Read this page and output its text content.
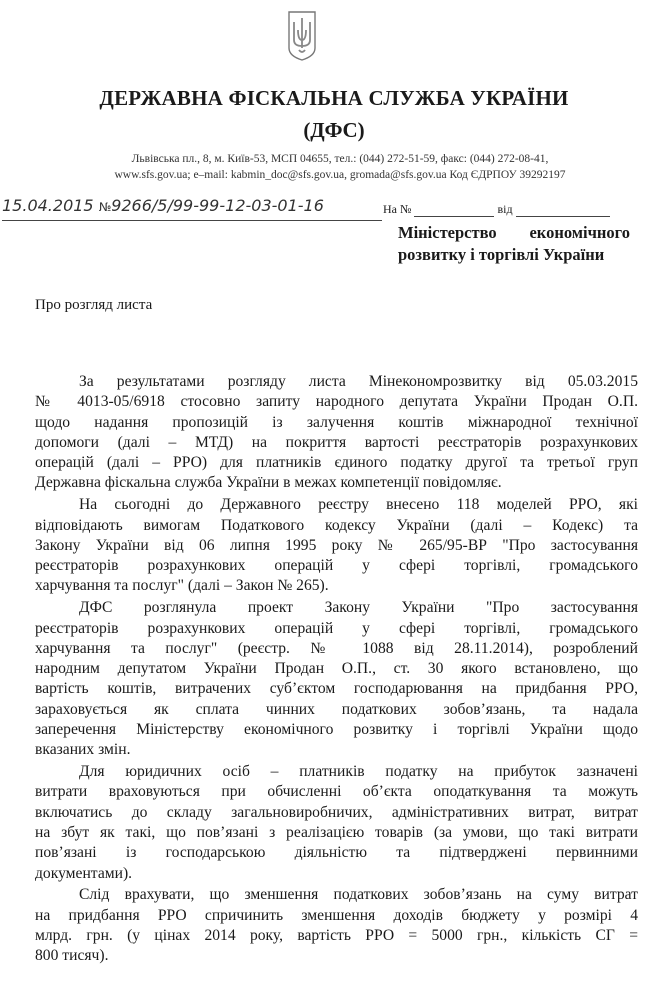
ДЕРЖАВНА ФІСКАЛЬНА СЛУЖБА УКРАЇНИ
(ДФС)
Львівська пл., 8, м. Київ-53, МСП 04655, тел.: (044) 272-51-59, факс: (044) 272-08-41,
www.sfs.gov.ua; e–mail: kabmin_doc@sfs.gov.ua, gromada@sfs.gov.ua Код ЄДРПОУ 39292197
15.04.2015 №9266/5/99-99-12-03-01-16	На №	від
Міністерство економічного
розвитку і торгівлі України
Про розгляд листа
За результатами розгляду листа Мінекономрозвитку від 05.03.2015
№ 4013-05/6918 стосовно запиту народного депутата України Продан О.П.
щодо надання пропозицій із залучення коштів міжнародної технічної
допомоги (далі – МТД) на покриття вартості реєстраторів розрахункових
операцій (далі – РРО) для платників єдиного податку другої та третьої груп
Державна фіскальна служба України в межах компетенції повідомляє.
На сьогодні до Державного реєстру внесено 118 моделей РРО, які
відповідають вимогам Податкового кодексу України (далі – Кодекс) та
Закону України від 06 липня 1995 року № 265/95-ВР "Про застосування
реєстраторів розрахункових операцій у сфері торгівлі, громадського
харчування та послуг" (далі – Закон № 265).
ДФС розглянула проект Закону України "Про застосування
реєстраторів розрахункових операцій у сфері торгівлі, громадського
харчування та послуг" (реєстр. № 1088 від 28.11.2014), розроблений
народним депутатом України Продан О.П., ст. 30 якого встановлено, що
вартість коштів, витрачених суб’єктом господарювання на придбання РРО,
зараховується як сплата чинних податкових зобов’язань, та надала
заперечення Міністерству економічного розвитку і торгівлі України щодо
вказаних змін.
Для юридичних осіб – платників податку на прибуток зазначені
витрати враховуються при обчисленні об’єкта оподаткування та можуть
включатись до складу загальновиробничих, адміністративних витрат, витрат
на збут як такі, що пов’язані з реалізацією товарів (за умови, що такі витрати
пов’язані із господарською діяльністю та підтверджені первинними
документами).
Слід врахувати, що зменшення податкових зобов’язань на суму витрат
на придбання РРО спричинить зменшення доходів бюджету у розмірі 4
млрд. грн. (у цінах 2014 року, вартість РРО = 5000 грн., кількість СГ =
800 тисяч).
